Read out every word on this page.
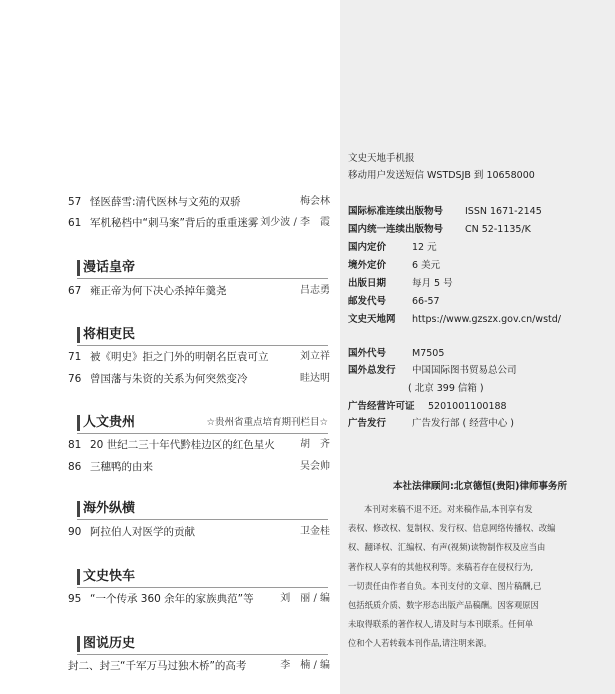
57 怪医薛雪:清代医林与文苑的双骄	梅会林
61 军机秘档中“刺马案”背后的重重迷雾 刘少波 / 李　霞
漫话皇帝
67 雍正帝为何下决心杀掉年羹尧	吕志勇
将相吏民
71 被《明史》拒之门外的明朝名臣袁可立	刘立祥
76 曾国藩与朱资的关系为何突然变冷	眭达明
人文贵州	☆贵州省重点培育期刊栏目☆
81 20 世纪二三十年代黔桂边区的红色星火	胡　齐
86 三穗鸭的由来	吴会帅
海外纵横
90 阿拉伯人对医学的贡献	卫金桂
文史快车
95 “一个传承 360 余年的家族典范”等	刘　丽 / 编
图说历史
封二、封三 “千军万马过独木桥”的高考	李　楠 / 编
文史天地手机报
移动用户发送短信 WSTDSJB 到 10658000
国际标准连续出版物号 ISSN 1671-2145
国内统一连续出版物号 CN 52-1135/K
国内定价	12 元
境外定价	6 美元
出版日期	每月 5 号
邮发代号	66-57
文史天地网 https://www.gzszx.gov.cn/wstd/
国外代号	M7505
国外总发行 中国国际图书贸易总公司
( 北京 399 信箱 )
广告经营许可证 5201001100188
广告发行	广告发行部 ( 经营中心 )
本社法律顾问:北京德恒(贵阳)律师事务所
本刊对来稿不退不还。对来稿作品,本刊享有发
表权、修改权、复制权、发行权、信息网络传播权、改编
权、翻译权、汇编权、有声(视频)读物制作权及应当由
著作权人享有的其他权利等。来稿若存在侵权行为,
一切责任由作者自负。本刊支付的文章、图片稿酬,已
包括纸质介质、数字形态出版产品稿酬。因客观原因
未取得联系的著作权人,请及时与本刊联系。任何单
位和个人若转载本刊作品,请注明来源。
